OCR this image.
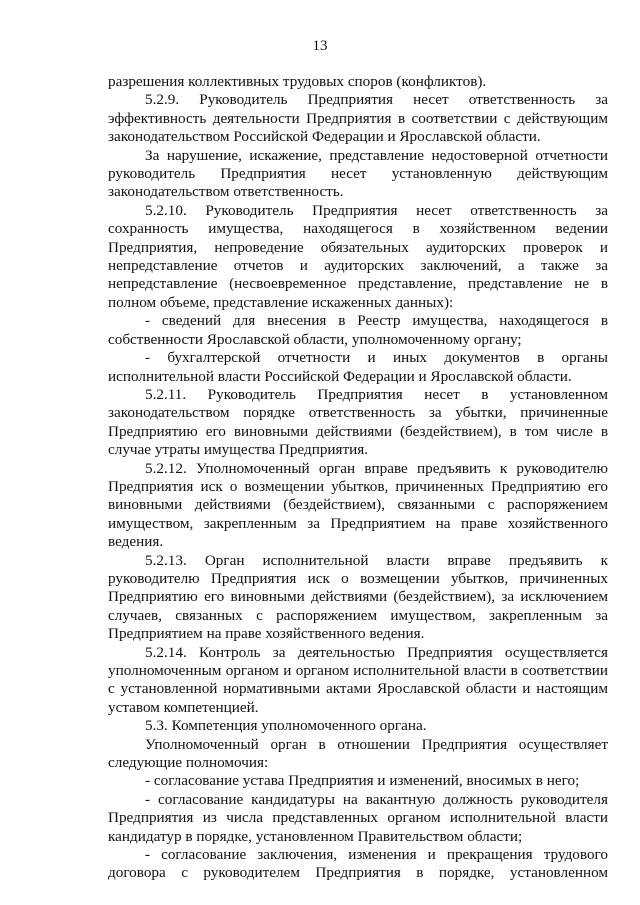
13

разрешения коллективных трудовых споров (конфликтов).

5.2.9. Руководитель Предприятия несет ответственность за эффективность деятельности Предприятия в соответствии с действующим законодательством Российской Федерации и Ярославской области.

За нарушение, искажение, представление недостоверной отчетности руководитель Предприятия несет установленную действующим законодательством ответственность.

5.2.10. Руководитель Предприятия несет ответственность за сохранность имущества, находящегося в хозяйственном ведении Предприятия, непроведение обязательных аудиторских проверок и непредставление отчетов и аудиторских заключений, а также за непредставление (несвоевременное представление, представление не в полном объеме, представление искаженных данных):

- сведений для внесения в Реестр имущества, находящегося в собственности Ярославской области, уполномоченному органу;

- бухгалтерской отчетности и иных документов в органы исполнительной власти Российской Федерации и Ярославской области.

5.2.11. Руководитель Предприятия несет в установленном законодательством порядке ответственность за убытки, причиненные Предприятию его виновными действиями (бездействием), в том числе в случае утраты имущества Предприятия.

5.2.12. Уполномоченный орган вправе предъявить к руководителю Предприятия иск о возмещении убытков, причиненных Предприятию его виновными действиями (бездействием), связанными с распоряжением имуществом, закрепленным за Предприятием на праве хозяйственного ведения.

5.2.13. Орган исполнительной власти вправе предъявить к руководителю Предприятия иск о возмещении убытков, причиненных Предприятию его виновными действиями (бездействием), за исключением случаев, связанных с распоряжением имуществом, закрепленным за Предприятием на праве хозяйственного ведения.

5.2.14. Контроль за деятельностью Предприятия осуществляется уполномоченным органом и органом исполнительной власти в соответствии с установленной нормативными актами Ярославской области и настоящим уставом компетенцией.

5.3. Компетенция уполномоченного органа.

Уполномоченный орган в отношении Предприятия осуществляет следующие полномочия:

- согласование устава Предприятия и изменений, вносимых в него;

- согласование кандидатуры на вакантную должность руководителя Предприятия из числа представленных органом исполнительной власти кандидатур в порядке, установленном Правительством области;

- согласование заключения, изменения и прекращения трудового договора с руководителем Предприятия в порядке, установленном
